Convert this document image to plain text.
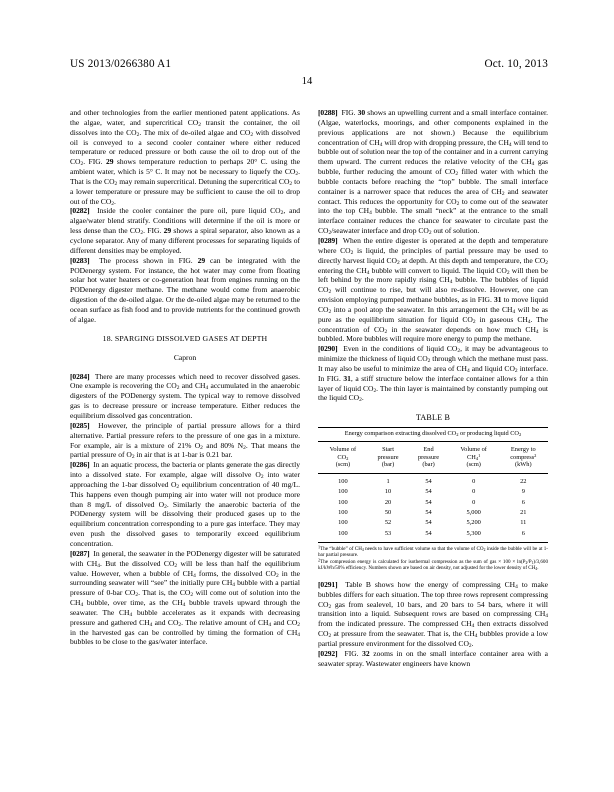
US 2013/0266380 A1	Oct. 10, 2013
14

and other technologies from the earlier mentioned patent applications. As the algae, water, and supercritical $CO_2$ transit the container, the oil dissolves into the $CO_2$. The mix of de-oiled algae and $CO_2$ with dissolved oil is conveyed to a second cooler container where either reduced temperature or reduced pressure or both cause the oil to drop out of the $CO_2$. FIG. 29 shows temperature reduction to perhaps 20° C. using the ambient water, which is 5° C. It may not be necessary to liquefy the $CO_2$. That is the $CO_2$ may remain supercritical. Detuning the supercritical $CO_2$ to a lower temperature or pressure may be sufficient to cause the oil to drop out of the $CO_2$.

[0282] Inside the cooler container the pure oil, pure liquid $CO_2$, and algae/water blend stratify. Conditions will determine if the oil is more or less dense than the $CO_2$. FIG. 29 shows a spiral separator, also known as a cyclone separator. Any of many different processes for separating liquids of different densities may be employed.

[0283] The process shown in FIG. 29 can be integrated with the PODenergy system. For instance, the hot water may come from floating solar hot water heaters or co-generation heat from engines running on the PODenergy digester methane. The methane would come from anaerobic digestion of the de-oiled algae. Or the de-oiled algae may be returned to the ocean surface as fish food and to provide nutrients for the continued growth of algae.

18. SPARGING DISSOLVED GASES AT DEPTH
Capron

[0284] There are many processes which need to recover dissolved gases. One example is recovering the $CO_2$ and $CH_4$ accumulated in the anaerobic digesters of the PODenergy system. The typical way to remove dissolved gas is to decrease pressure or increase temperature. Either reduces the equilibrium dissolved gas concentration.

[0285] However, the principle of partial pressure allows for a third alternative. Partial pressure refers to the pressure of one gas in a mixture. For example, air is a mixture of 21% $O_2$ and 80% $N_2$. That means the partial pressure of $O_2$ in air that is at 1-bar is 0.21 bar.

[0286] In an aquatic process, the bacteria or plants generate the gas directly into a dissolved state. For example, algae will dissolve $O_2$ into water approaching the 1-bar dissolved $O_2$ equilibrium concentration of 40 mg/L. This happens even though pumping air into water will not produce more than 8 mg/L of dissolved $O_2$. Similarly the anaerobic bacteria of the PODenergy system will be dissolving their produced gases up to the equilibrium concentration corresponding to a pure gas interface. They may even push the dissolved gases to temporarily exceed equilibrium concentration.

[0287] In general, the seawater in the PODenergy digester will be saturated with $CH_4$. But the dissolved $CO_2$ will be less than half the equilibrium value. However, when a bubble of $CH_4$ forms, the dissolved $CO_2$ in the surrounding seawater will “see” the initially pure $CH_4$ bubble with a partial pressure of 0-bar $CO_2$. That is, the $CO_2$ will come out of solution into the $CH_4$ bubble, over time, as the $CH_4$ bubble travels upward through the seawater. The $CH_4$ bubble accelerates as it expands with decreasing pressure and gathered $CH_4$ and $CO_2$. The relative amount of $CH_4$ and $CO_2$ in the harvested gas can be controlled by timing the formation of $CH_4$ bubbles to be close to the gas/water interface.

[0288] FIG. 30 shows an upwelling current and a small interface container. (Algae, waterlocks, moorings, and other components explained in the previous applications are not shown.) Because the equilibrium concentration of $CH_4$ will drop with dropping pressure, the $CH_4$ will tend to bubble out of solution near the top of the container and in a current carrying them upward. The current reduces the relative velocity of the $CH_4$ gas bubble, further reducing the amount of $CO_2$ filled water with which the bubble contacts before reaching the “top” bubble. The small interface container is a narrower space that reduces the area of $CH_2$ and seawater contact. This reduces the opportunity for $CO_2$ to come out of the seawater into the top $CH_4$ bubble. The small “neck” at the entrance to the small interface container reduces the chance for seawater to circulate past the $CO_2$/seawater interface and drop $CO_2$ out of solution.

[0289] When the entire digester is operated at the depth and temperature where $CO_2$ is liquid, the principles of partial pressure may be used to directly harvest liquid $CO_2$ at depth. At this depth and temperature, the $CO_2$ entering the $CH_4$ bubble will convert to liquid. The liquid $CO_2$ will then be left behind by the more rapidly rising $CH_4$ bubble. The bubbles of liquid $CO_2$ will continue to rise, but will also re-dissolve. However, one can envision employing pumped methane bubbles, as in FIG. 31 to move liquid $CO_2$ into a pool atop the seawater. In this arrangement the $CH_4$ will be as pure as the equilibrium situation for liquid $CO_2$ in gaseous $CH_4$. The concentration of $CO_2$ in the seawater depends on how much $CH_4$ is bubbled. More bubbles will require more energy to pump the methane.

[0290] Even in the conditions of liquid $CO_2$, it may be advantageous to minimize the thickness of liquid $CO_2$ through which the methane must pass. It may also be useful to minimize the area of $CH_4$ and liquid $CO_2$ interface. In FIG. 31, a stiff structure below the interface container allows for a thin layer of liquid $CO_2$. The thin layer is maintained by constantly pumping out the liquid $CO_2$.

TABLE B

Energy comparison extracting dissolved $CO_2$ or producing liquid $CO_2$

Volume of
$CO_2$
(scm)	Start
pressure
(bar)	End
pressure
(bar)	Volume of
$CH_4^1$
(scm)	Energy to
compress$^2$
(kWh)

100	1	54	0	22
100	10	54	0	9
100	20	54	0	6
100	50	54	5,000	21
100	52	54	5,200	11
100	53	54	5,300	6

$^1$The “bubble” of $CH_4$ needs to have sufficient volume so that the volume of $CO_2$ inside the bubble will be at 1-bar partial pressure.

$^2$The compression energy is calculated for isothermal compression as the sum of gas × $100 \times \ln(P_2/P_1)/3,600$ kJ/kWh/50% efficiency. Numbers shown are based on air density, not adjusted for the lower density of $CH_4$.

[0291] Table B shows how the energy of compressing $CH_4$ to make bubbles differs for each situation. The top three rows represent compressing $CO_2$ gas from sealevel, 10 bars, and 20 bars to 54 bars, where it will transition into a liquid. Subsequent rows are based on compressing $CH_4$ from the indicated pressure. The compressed $CH_4$ then extracts dissolved $CO_2$ at pressure from the seawater. That is, the $CH_4$ bubbles provide a low partial pressure environment for the dissolved $CO_2$.

[0292] FIG. 32 zooms in on the small interface container area with a seawater spray. Wastewater engineers have known
